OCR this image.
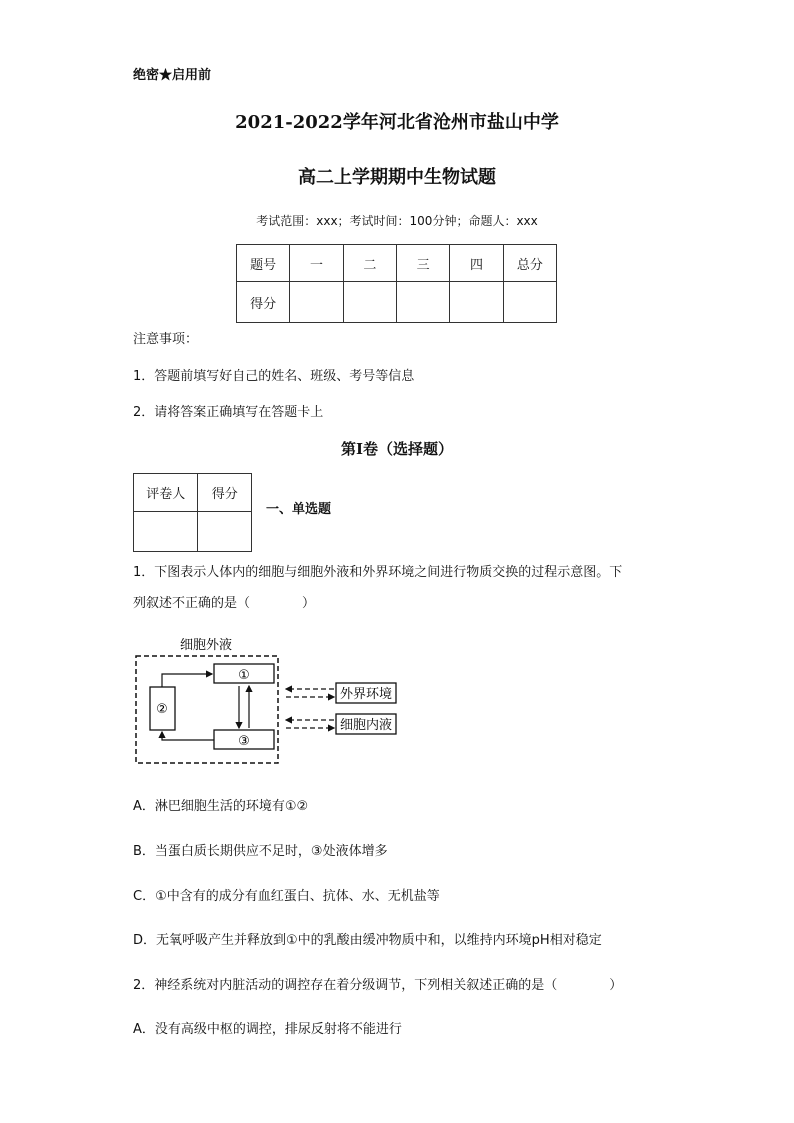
绝密★启用前
2021-2022学年河北省沧州市盐山中学
高二上学期期中生物试题
考试范围：xxx；考试时间：100分钟；命题人：xxx
题号	一	二	三	四	总分
得分					
注意事项：
1．答题前填写好自己的姓名、班级、考号等信息
2．请将答案正确填写在答题卡上
第I卷（选择题）
评卷人	得分

一、单选题
1．下图表示人体内的细胞与细胞外液和外界环境之间进行物质交换的过程示意图。下
列叙述不正确的是（　　　　）
细胞外液
①
②
③
外界环境
细胞内液
A．淋巴细胞生活的环境有①②
B．当蛋白质长期供应不足时，③处液体增多
C．①中含有的成分有血红蛋白、抗体、水、无机盐等
D．无氧呼吸产生并释放到①中的乳酸由缓冲物质中和，以维持内环境pH相对稳定
2．神经系统对内脏活动的调控存在着分级调节，下列相关叙述正确的是（　　　　）
A．没有高级中枢的调控，排尿反射将不能进行
